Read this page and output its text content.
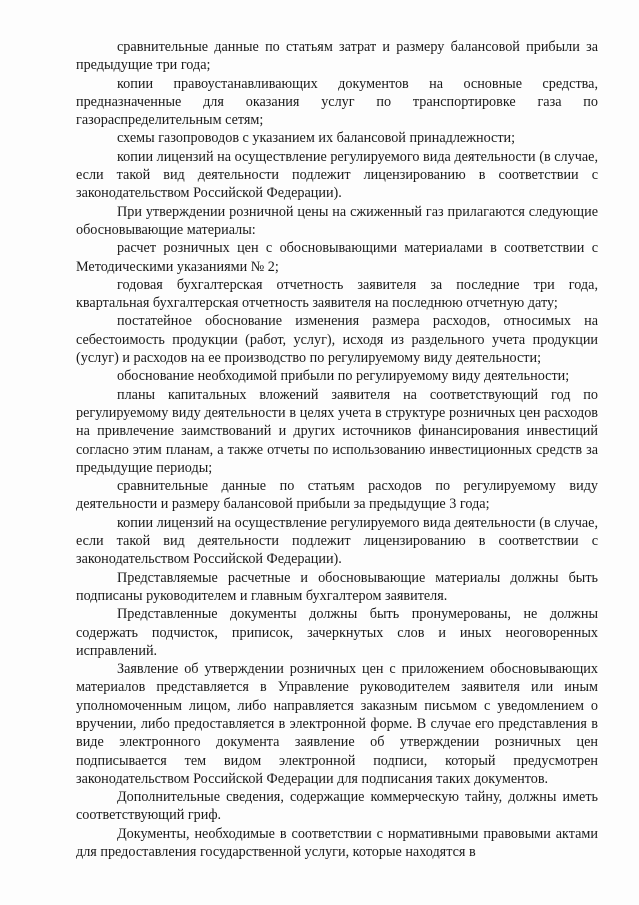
сравнительные данные по статьям затрат и размеру балансовой прибыли за предыдущие три года;

копии правоустанавливающих документов на основные средства, предназначенные для оказания услуг по транспортировке газа по газораспределительным сетям;

схемы газопроводов с указанием их балансовой принадлежности;

копии лицензий на осуществление регулируемого вида деятельности (в случае, если такой вид деятельности подлежит лицензированию в соответствии с законодательством Российской Федерации).

При утверждении розничной цены на сжиженный газ прилагаются следующие обосновывающие материалы:

расчет розничных цен с обосновывающими материалами в соответствии с Методическими указаниями № 2;

годовая бухгалтерская отчетность заявителя за последние три года, квартальная бухгалтерская отчетность заявителя на последнюю отчетную дату;

постатейное обоснование изменения размера расходов, относимых на себестоимость продукции (работ, услуг), исходя из раздельного учета продукции (услуг) и расходов на ее производство по регулируемому виду деятельности;

обоснование необходимой прибыли по регулируемому виду деятельности;

планы капитальных вложений заявителя на соответствующий год по регулируемому виду деятельности в целях учета в структуре розничных цен расходов на привлечение заимствований и других источников финансирования инвестиций согласно этим планам, а также отчеты по использованию инвестиционных средств за предыдущие периоды;

сравнительные данные по статьям расходов по регулируемому виду деятельности и размеру балансовой прибыли за предыдущие 3 года;

копии лицензий на осуществление регулируемого вида деятельности (в случае, если такой вид деятельности подлежит лицензированию в соответствии с законодательством Российской Федерации).

Представляемые расчетные и обосновывающие материалы должны быть подписаны руководителем и главным бухгалтером заявителя.

Представленные документы должны быть пронумерованы, не должны содержать подчисток, приписок, зачеркнутых слов и иных неоговоренных исправлений.

Заявление об утверждении розничных цен с приложением обосновывающих материалов представляется в Управление руководителем заявителя или иным уполномоченным лицом, либо направляется заказным письмом с уведомлением о вручении, либо предоставляется в электронной форме. В случае его представления в виде электронного документа заявление об утверждении розничных цен подписывается тем видом электронной подписи, который предусмотрен законодательством Российской Федерации для подписания таких документов.

Дополнительные сведения, содержащие коммерческую тайну, должны иметь соответствующий гриф.

Документы, необходимые в соответствии с нормативными правовыми актами для предоставления государственной услуги, которые находятся в
